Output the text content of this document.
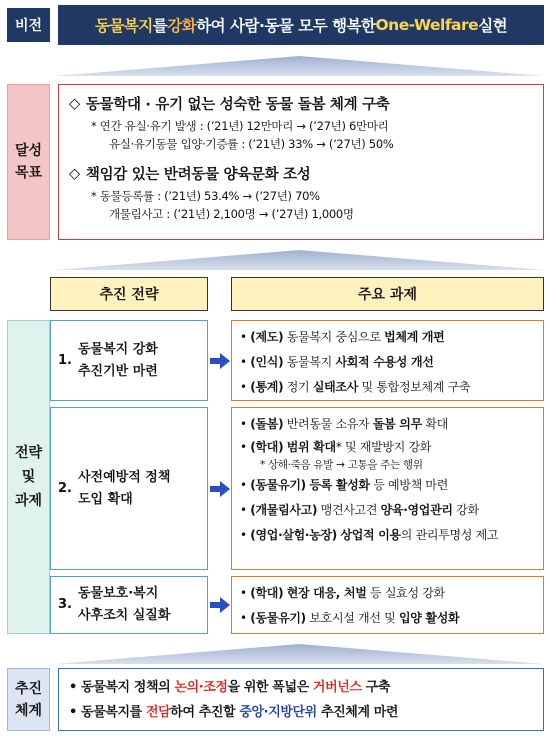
비전	동물복지 를 강화 하여 사람·동물 모두 행복한 One-Welfare 실현
달성
목표
◇ 동물학대 · 유기 없는 성숙한 동물 돌봄 체계 구축
* 연간 유실·유기 발생 : (’21년) 12만마리 → (’27년) 6만마리
유실·유기동물 입양·기증률 : (’21년) 33% → (’27년) 50%
◇ 책임감 있는 반려동물 양육문화 조성
* 동물등록률 : (’21년) 53.4% → (’27년) 70%
개물림사고 : (’21년) 2,100명 → (’27년) 1,000명
추진 전략	주요 과제
전략
및
과제
1.
동물복지 강화
추진기반 마련
• (제도) 동물복지 중심으로 법체계 개편
• (인식) 동물복지 사회적 수용성 개선
• (통계) 정기 실태조사 및 통합정보체계 구축
2.
사전예방적 정책
도입 확대
• (돌봄) 반려동물 소유자 돌봄 의무 확대
• (학대) 범위 확대* 및 재발방지 강화
* 상해·죽음 유발 → 고통을 주는 행위
• (동물유기) 등록 활성화 등 예방책 마련
• (개물림사고) 맹견사고견 양육·영업관리 강화
• (영업·살험·농장) 상업적 이용의 관리투명성 제고
3.
동물보호·복지
사후조치 실질화
• (학대) 현장 대응, 처벌 등 실효성 강화
• (동물유기) 보호시설 개선 및 입양 활성화
추진
체계
• 동물복지 정책의 논의·조정을 위한 폭넓은 거버넌스 구축
• 동물복지를 전담하여 추진할 중앙·지방단위 추진체계 마련
